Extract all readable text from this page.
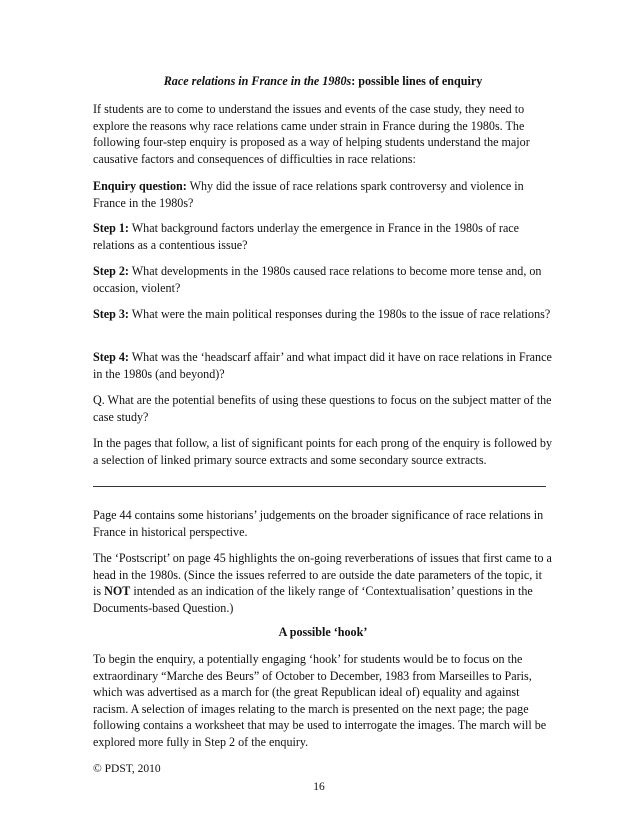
Race relations in France in the 1980s: possible lines of enquiry
If students are to come to understand the issues and events of the case study, they need to explore the reasons why race relations came under strain in France during the 1980s. The following four-step enquiry is proposed as a way of helping students understand the major causative factors and consequences of difficulties in race relations:
Enquiry question: Why did the issue of race relations spark controversy and violence in France in the 1980s?
Step 1: What background factors underlay the emergence in France in the 1980s of race relations as a contentious issue?
Step 2: What developments in the 1980s caused race relations to become more tense and, on occasion, violent?
Step 3: What were the main political responses during the 1980s to the issue of race relations?
Step 4: What was the ‘headscarf affair’ and what impact did it have on race relations in France in the 1980s (and beyond)?
Q. What are the potential benefits of using these questions to focus on the subject matter of the case study?
In the pages that follow, a list of significant points for each prong of the enquiry is followed by a selection of linked primary source extracts and some secondary source extracts.
Page 44 contains some historians’ judgements on the broader significance of race relations in France in historical perspective.
The ‘Postscript’ on page 45 highlights the on-going reverberations of issues that first came to a head in the 1980s. (Since the issues referred to are outside the date parameters of the topic, it is NOT intended as an indication of the likely range of ‘Contextualisation’ questions in the Documents-based Question.)
A possible ‘hook’
To begin the enquiry, a potentially engaging ‘hook’ for students would be to focus on the extraordinary “Marche des Beurs” of October to December, 1983 from Marseilles to Paris, which was advertised as a march for (the great Republican ideal of) equality and against racism. A selection of images relating to the march is presented on the next page; the page following contains a worksheet that may be used to interrogate the images. The march will be explored more fully in Step 2 of the enquiry.
© PDST, 2010
16
